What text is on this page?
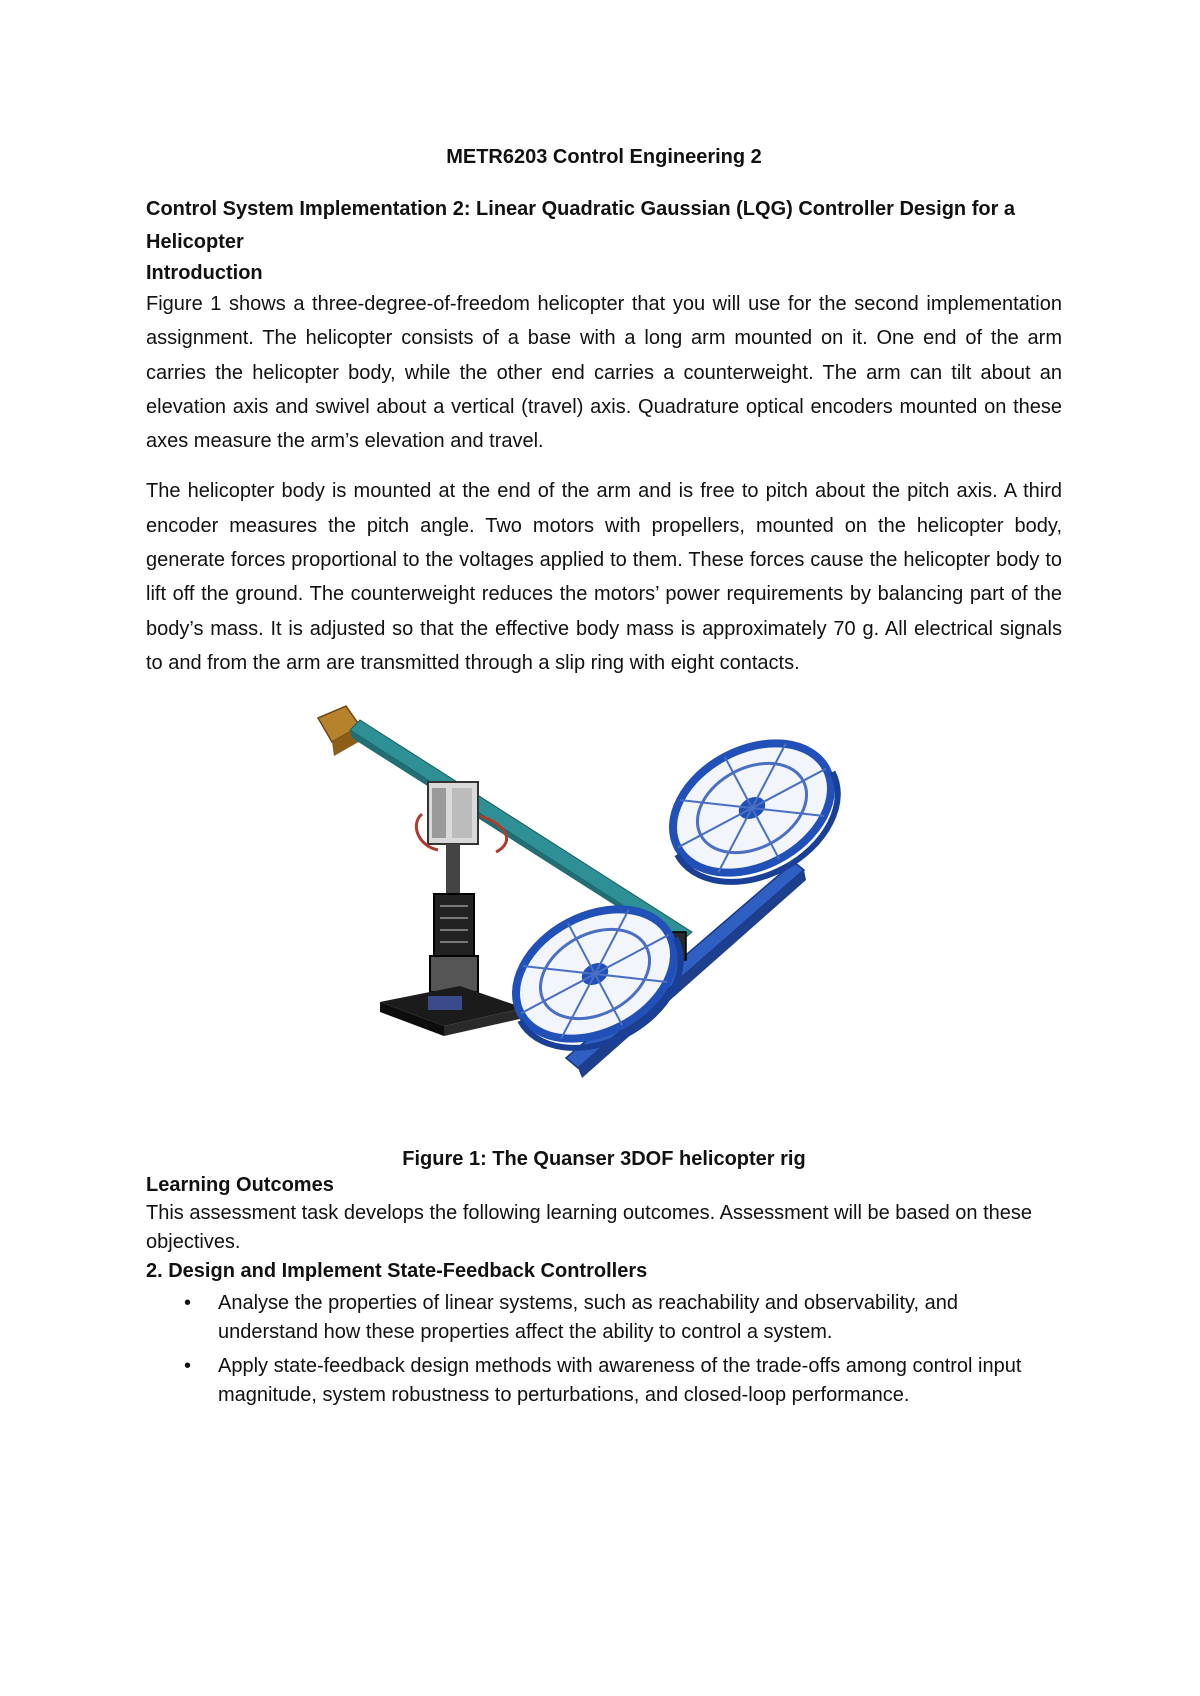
METR6203 Control Engineering 2
Control System Implementation 2: Linear Quadratic Gaussian (LQG) Controller Design for a Helicopter
Introduction

Figure 1 shows a three-degree-of-freedom helicopter that you will use for the second implementation assignment. The helicopter consists of a base with a long arm mounted on it. One end of the arm carries the helicopter body, while the other end carries a counterweight. The arm can tilt about an elevation axis and swivel about a vertical (travel) axis. Quadrature optical encoders mounted on these axes measure the arm’s elevation and travel.

The helicopter body is mounted at the end of the arm and is free to pitch about the pitch axis. A third encoder measures the pitch angle. Two motors with propellers, mounted on the helicopter body, generate forces proportional to the voltages applied to them. These forces cause the helicopter body to lift off the ground. The counterweight reduces the motors’ power requirements by balancing part of the body’s mass. It is adjusted so that the effective body mass is approximately 70 g. All electrical signals to and from the arm are transmitted through a slip ring with eight contacts.

Figure 1: The Quanser 3DOF helicopter rig
Learning Outcomes

This assessment task develops the following learning outcomes. Assessment will be based on these objectives.

2. Design and Implement State-Feedback Controllers
• Analyse the properties of linear systems, such as reachability and observability, and understand how these properties affect the ability to control a system.
• Apply state-feedback design methods with awareness of the trade-offs among control input magnitude, system robustness to perturbations, and closed-loop performance.
